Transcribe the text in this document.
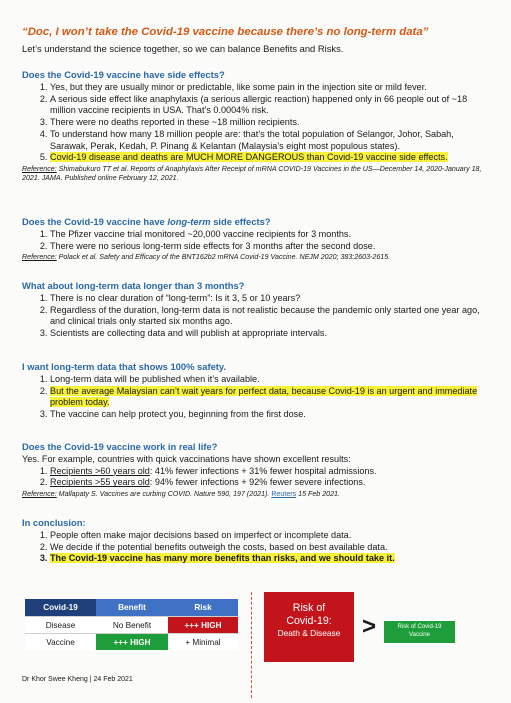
“Doc, I won’t take the Covid-19 vaccine because there’s no long-term data”
Let’s understand the science together, so we can balance Benefits and Risks.
Does the Covid-19 vaccine have side effects?
1. Yes, but they are usually minor or predictable, like some pain in the injection site or mild fever.
2. A serious side effect like anaphylaxis (a serious allergic reaction) happened only in 66 people out of ~18 million vaccine recipients in USA. That’s 0.0004% risk.
3. There were no deaths reported in these ~18 million recipients.
4. To understand how many 18 million people are: that’s the total population of Selangor, Johor, Sabah, Sarawak, Perak, Kedah, P. Pinang & Kelantan (Malaysia’s eight most populous states).
5. Covid-19 disease and deaths are MUCH MORE DANGEROUS than Covid-19 vaccine side effects.
Reference: Shimabukuro TT et al. Reports of Anaphylaxis After Receipt of mRNA COVID-19 Vaccines in the US—December 14, 2020-January 18, 2021. JAMA. Published online February 12, 2021.
Does the Covid-19 vaccine have long-term side effects?
1. The Pfizer vaccine trial monitored ~20,000 vaccine recipients for 3 months.
2. There were no serious long-term side effects for 3 months after the second dose.
Reference: Polack et al. Safety and Efficacy of the BNT162b2 mRNA Covid-19 Vaccine. NEJM 2020; 383:2603-2615.
What about long-term data longer than 3 months?
1. There is no clear duration of “long-term”: Is it 3, 5 or 10 years?
2. Regardless of the duration, long-term data is not realistic because the pandemic only started one year ago, and clinical trials only started six months ago.
3. Scientists are collecting data and will publish at appropriate intervals.
I want long-term data that shows 100% safety.
1. Long-term data will be published when it’s available.
2. But the average Malaysian can’t wait years for perfect data, because Covid-19 is an urgent and immediate problem today.
3. The vaccine can help protect you, beginning from the first dose.
Does the Covid-19 vaccine work in real life?
Yes. For example, countries with quick vaccinations have shown excellent results:
1. Recipients >60 years old: 41% fewer infections + 31% fewer hospital admissions.
2. Recipients >55 years old: 94% fewer infections + 92% fewer severe infections.
Reference: Mallapaty S. Vaccines are curbing COVID. Nature 590, 197 (2021). Reuters 15 Feb 2021.
In conclusion:
1. People often make major decisions based on imperfect or incomplete data.
2. We decide if the potential benefits outweigh the costs, based on best available data.
3. The Covid-19 vaccine has many more benefits than risks, and we should take it.
Covid-19	Benefit	Risk
Disease	No Benefit	+++ HIGH
Vaccine	+++ HIGH	+ Minimal
Risk of
Covid-19:
Death & Disease >	Risk of Covid-19
Vaccine
Dr Khor Swee Kheng | 24 Feb 2021
